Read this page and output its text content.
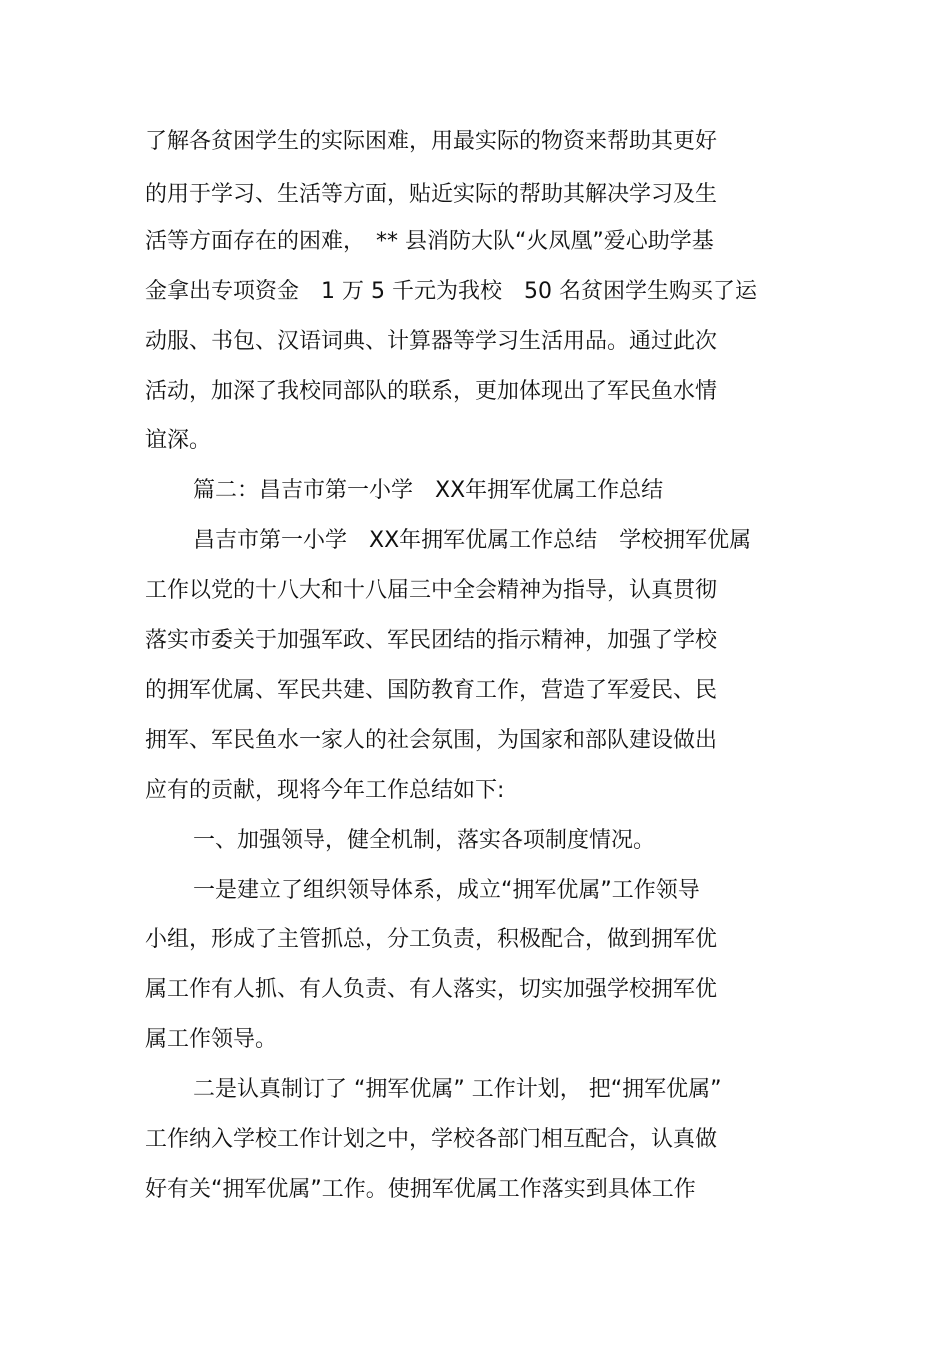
了解各贫困学生的实际困难，用最实际的物资来帮助其更好

的用于学习、生活等方面，贴近实际的帮助其解决学习及生

活等方面存在的困难，　** 县消防大队“火凤凰”爱心助学基

金拿出专项资金　1 万 5 千元为我校　50 名贫困学生购买了运

动服、书包、汉语词典、计算器等学习生活用品。通过此次

活动，加深了我校同部队的联系，更加体现出了军民鱼水情

谊深。

篇二：昌吉市第一小学　XX年拥军优属工作总结

昌吉市第一小学　XX年拥军优属工作总结　学校拥军优属

工作以党的十八大和十八届三中全会精神为指导，认真贯彻

落实市委关于加强军政、军民团结的指示精神，加强了学校

的拥军优属、军民共建、国防教育工作，营造了军爱民、民

拥军、军民鱼水一家人的社会氛围，为国家和部队建设做出

应有的贡献，现将今年工作总结如下:

一、加强领导，健全机制，落实各项制度情况。

一是建立了组织领导体系，成立“拥军优属”工作领导

小组，形成了主管抓总，分工负责，积极配合，做到拥军优

属工作有人抓、有人负责、有人落实，切实加强学校拥军优

属工作领导。

二是认真制订了 “拥军优属” 工作计划， 把“拥军优属”

工作纳入学校工作计划之中，学校各部门相互配合，认真做

好有关“拥军优属”工作。使拥军优属工作落实到具体工作
